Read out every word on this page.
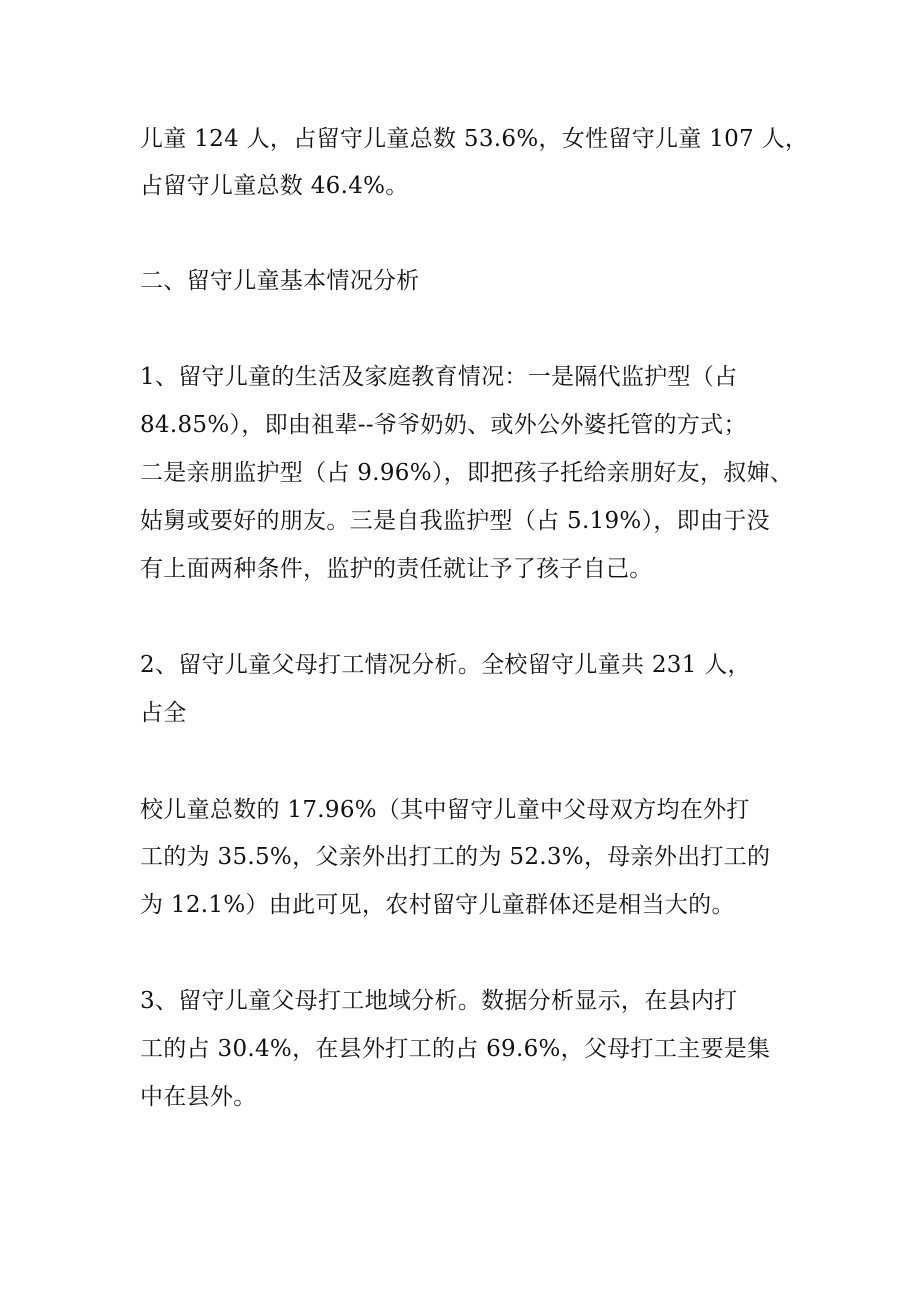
儿童 124 人，占留守儿童总数 53.6%，女性留守儿童 107 人，
占留守儿童总数 46.4%。
二、留守儿童基本情况分析
1、留守儿童的生活及家庭教育情况：一是隔代监护型（占
84.85%），即由祖辈--爷爷奶奶、或外公外婆托管的方式；
二是亲朋监护型（占 9.96%），即把孩子托给亲朋好友，叔婶、
姑舅或要好的朋友。三是自我监护型（占 5.19%），即由于没
有上面两种条件，监护的责任就让予了孩子自己。
2、留守儿童父母打工情况分析。全校留守儿童共 231 人，
占全
校儿童总数的 17.96%（其中留守儿童中父母双方均在外打
工的为 35.5%，父亲外出打工的为 52.3%，母亲外出打工的
为 12.1%）由此可见，农村留守儿童群体还是相当大的。
3、留守儿童父母打工地域分析。数据分析显示，在县内打
工的占 30.4%，在县外打工的占 69.6%，父母打工主要是集
中在县外。
